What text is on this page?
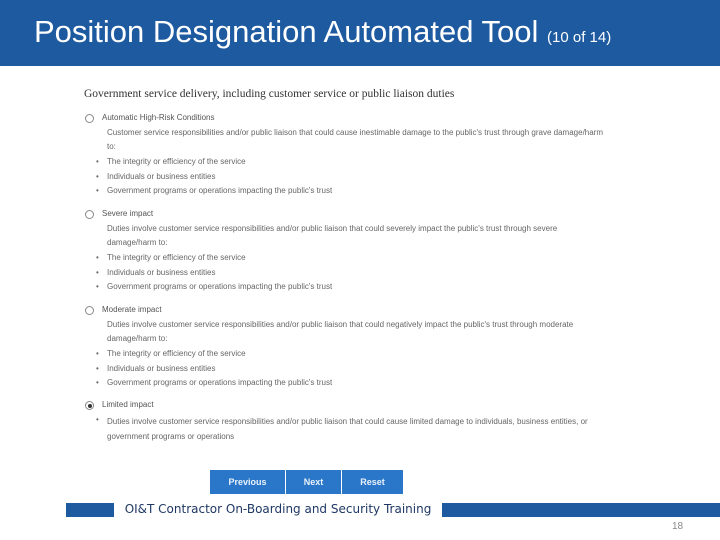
Position Designation Automated Tool (10 of 14)
Government service delivery, including customer service or public liaison duties
Automatic High-Risk Conditions
Customer service responsibilities and/or public liaison that could cause inestimable damage to the public's trust through grave damage/harm to:
• The integrity or efficiency of the service
• Individuals or business entities
• Government programs or operations impacting the public's trust
Severe impact
Duties involve customer service responsibilities and/or public liaison that could severely impact the public's trust through severe damage/harm to:
• The integrity or efficiency of the service
• Individuals or business entities
• Government programs or operations impacting the public's trust
Moderate impact
Duties involve customer service responsibilities and/or public liaison that could negatively impact the public's trust through moderate damage/harm to:
• The integrity or efficiency of the service
• Individuals or business entities
• Government programs or operations impacting the public's trust
Limited impact
• Duties involve customer service responsibilities and/or public liaison that could cause limited damage to individuals, business entities, or government programs or operations
Previous	Next	Reset
OI&T Contractor On-Boarding and Security Training
18
